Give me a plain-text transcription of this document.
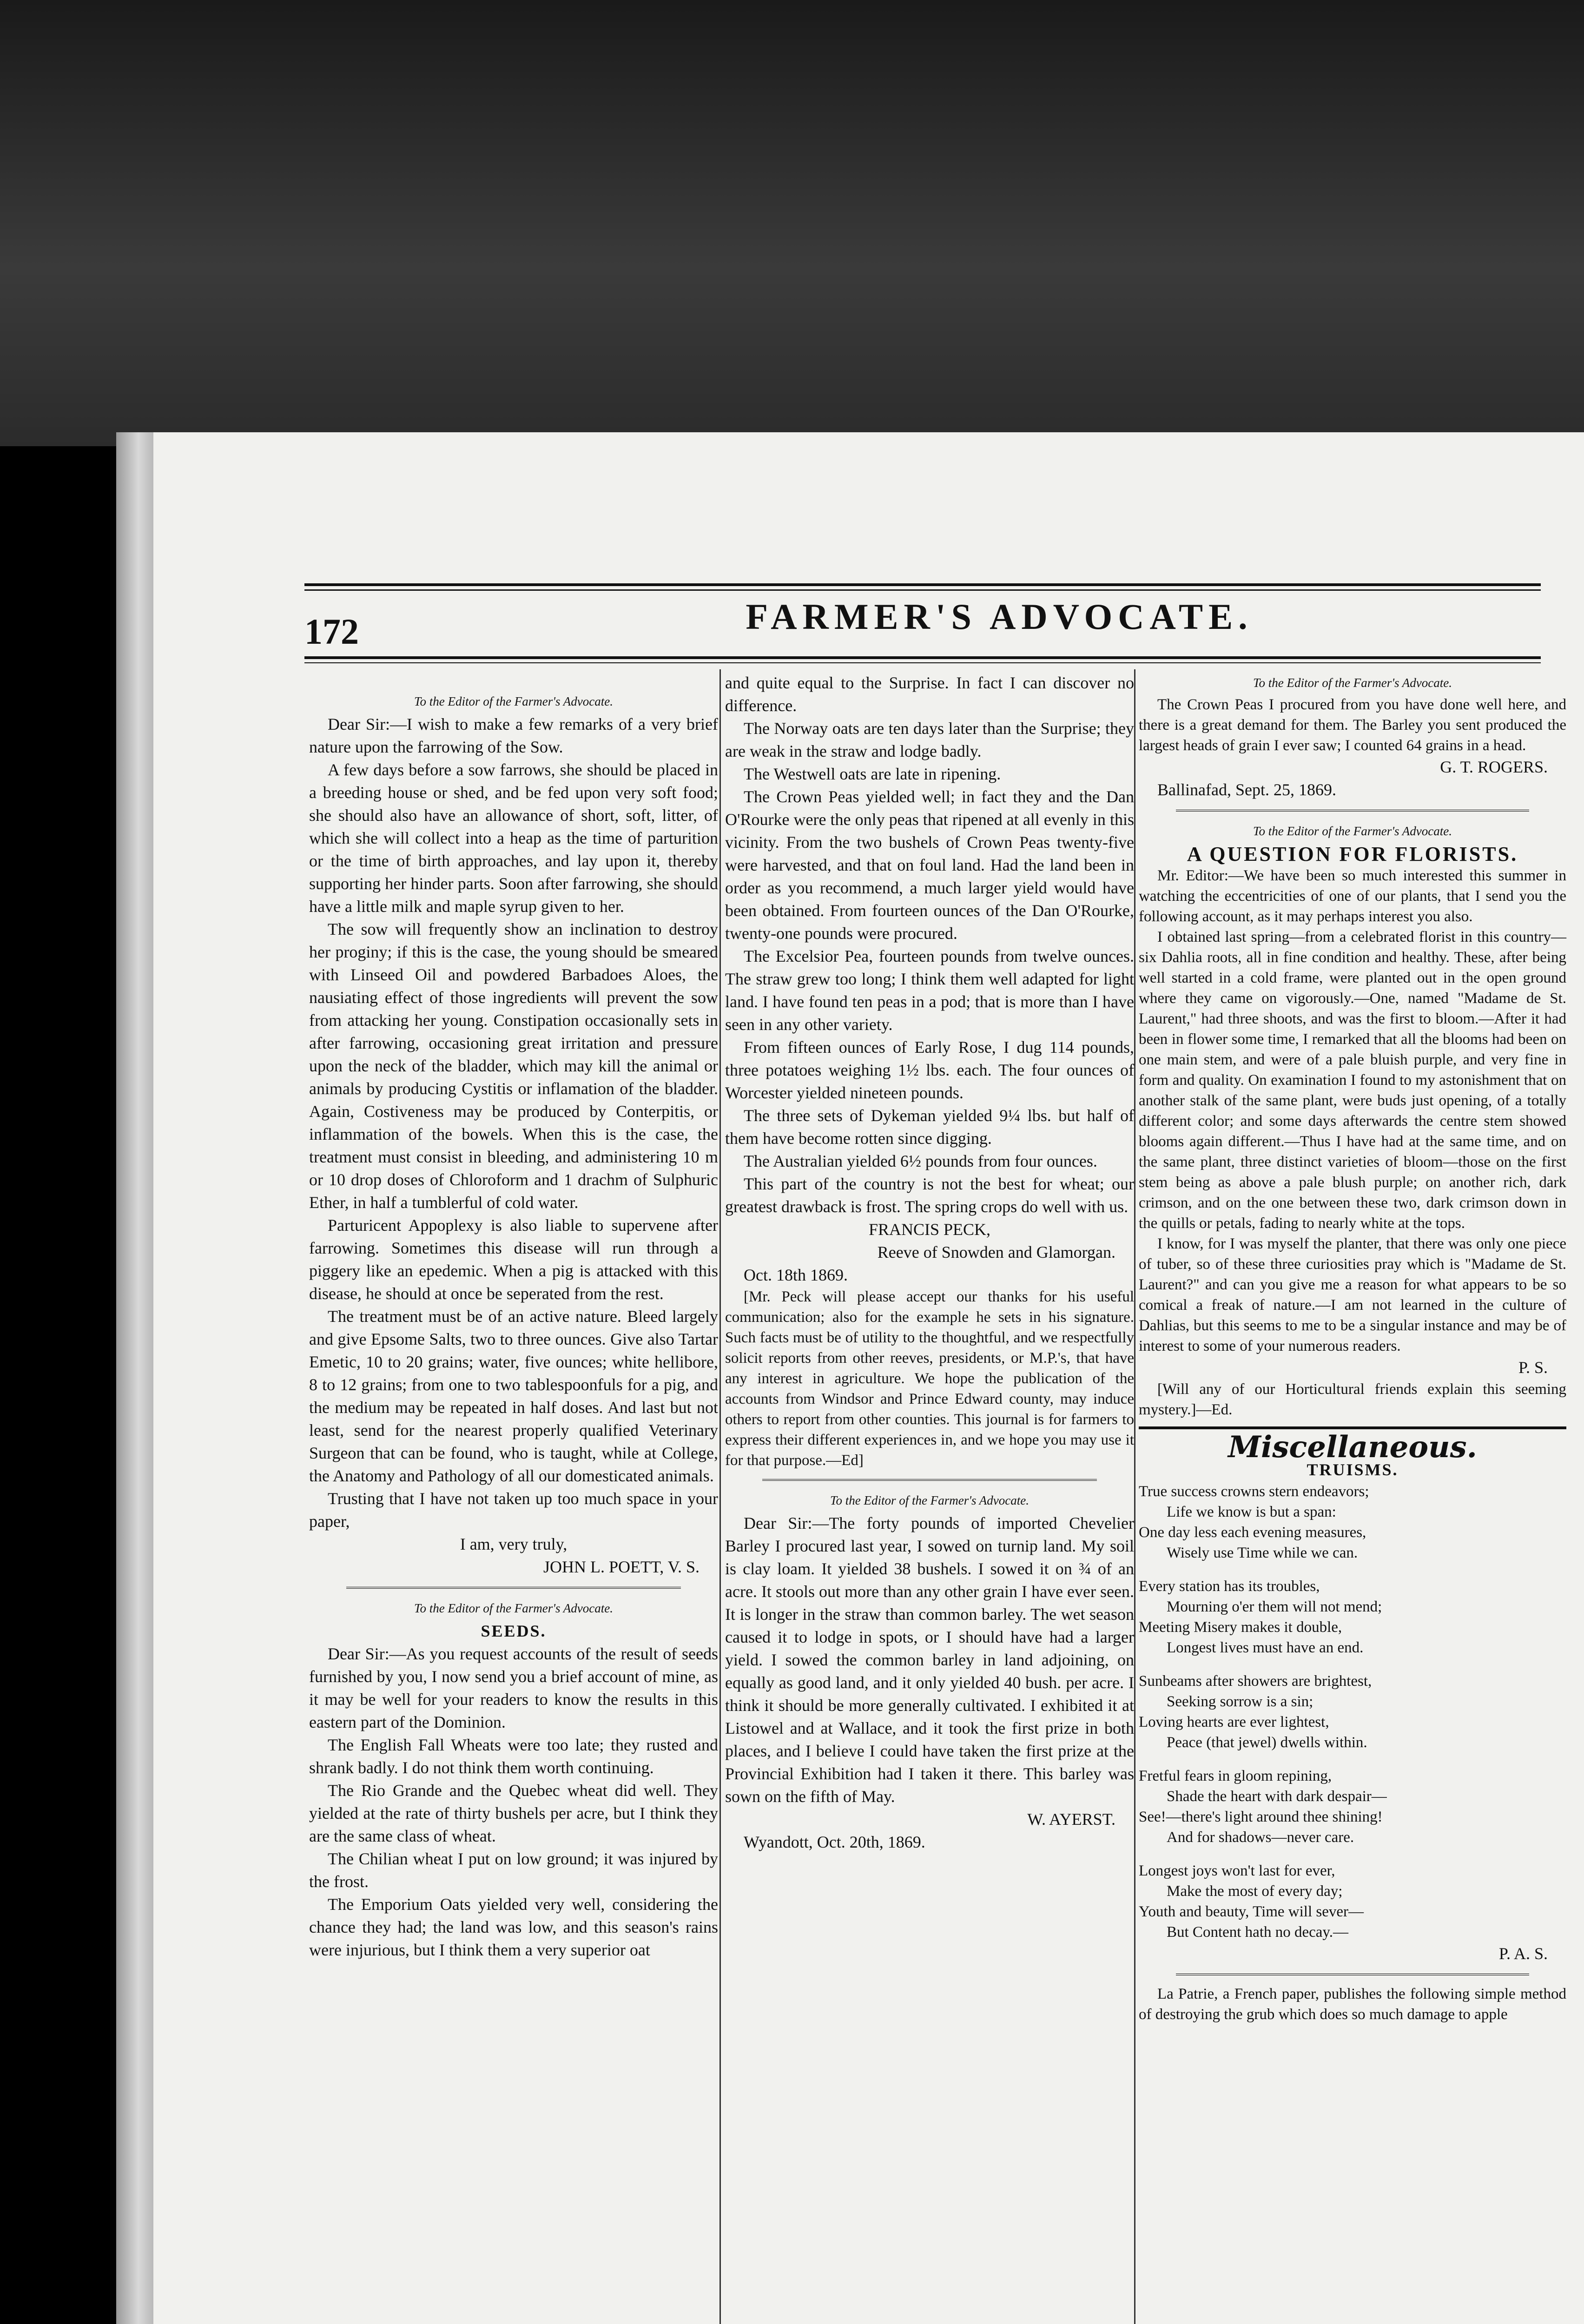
172	FARMER'S ADVOCATE.

To the Editor of the Farmer's Advocate.

Dear Sir:—I wish to make a few remarks of a very brief nature upon the farrowing of the Sow.

A few days before a sow farrows, she should be placed in a breeding house or shed, and be fed upon very soft food; she should also have an allowance of short, soft, litter, of which she will collect into a heap as the time of parturition or the time of birth approaches, and lay upon it, thereby supporting her hinder parts. Soon after farrowing, she should have a little milk and maple syrup given to her.

The sow will frequently show an inclination to destroy her proginy; if this is the case, the young should be smeared with Linseed Oil and powdered Barbadoes Aloes, the nausiating effect of those ingredients will prevent the sow from attacking her young. Constipation occasionally sets in after farrowing, occasioning great irritation and pressure upon the neck of the bladder, which may kill the animal or animals by producing Cystitis or inflamation of the bladder. Again, Costiveness may be produced by Conterpitis, or inflammation of the bowels. When this is the case, the treatment must consist in bleeding, and administering 10 m or 10 drop doses of Chloroform and 1 drachm of Sulphuric Ether, in half a tumblerful of cold water.

Parturicent Appoplexy is also liable to supervene after farrowing. Sometimes this disease will run through a piggery like an epedemic. When a pig is attacked with this disease, he should at once be seperated from the rest.

The treatment must be of an active nature. Bleed largely and give Epsome Salts, two to three ounces. Give also Tartar Emetic, 10 to 20 grains; water, five ounces; white hellibore, 8 to 12 grains; from one to two tablespoonfuls for a pig, and the medium may be repeated in half doses. And last but not least, send for the nearest properly qualified Veterinary Surgeon that can be found, who is taught, while at College, the Anatomy and Pathology of all our domesticated animals.

Trusting that I have not taken up too much space in your paper,

I am, very truly,

JOHN L. POETT, V. S.

To the Editor of the Farmer's Advocate.

SEEDS.

Dear Sir:—As you request accounts of the result of seeds furnished by you, I now send you a brief account of mine, as it may be well for your readers to know the results in this eastern part of the Dominion.

The English Fall Wheats were too late; they rusted and shrank badly. I do not think them worth continuing.

The Rio Grande and the Quebec wheat did well. They yielded at the rate of thirty bushels per acre, but I think they are the same class of wheat.

The Chilian wheat I put on low ground; it was injured by the frost.

The Emporium Oats yielded very well, considering the chance they had; the land was low, and this season's rains were injurious, but I think them a very superior oat

and quite equal to the Surprise. In fact I can discover no difference.

The Norway oats are ten days later than the Surprise; they are weak in the straw and lodge badly.

The Westwell oats are late in ripening.

The Crown Peas yielded well; in fact they and the Dan O'Rourke were the only peas that ripened at all evenly in this vicinity. From the two bushels of Crown Peas twenty-five were harvested, and that on foul land. Had the land been in order as you recommend, a much larger yield would have been obtained. From fourteen ounces of the Dan O'Rourke, twenty-one pounds were procured.

The Excelsior Pea, fourteen pounds from twelve ounces. The straw grew too long; I think them well adapted for light land. I have found ten peas in a pod; that is more than I have seen in any other variety.

From fifteen ounces of Early Rose, I dug 114 pounds, three potatoes weighing 1½ lbs. each. The four ounces of Worcester yielded nineteen pounds.

The three sets of Dykeman yielded 9¼ lbs. but half of them have become rotten since digging.

The Australian yielded 6½ pounds from four ounces.

This part of the country is not the best for wheat; our greatest drawback is frost. The spring crops do well with us.

FRANCIS PECK,

Reeve of Snowden and Glamorgan.

Oct. 18th 1869.

[Mr. Peck will please accept our thanks for his useful communication; also for the example he sets in his signature. Such facts must be of utility to the thoughtful, and we respectfully solicit reports from other reeves, presidents, or M.P.'s, that have any interest in agriculture. We hope the publication of the accounts from Windsor and Prince Edward county, may induce others to report from other counties. This journal is for farmers to express their different experiences in, and we hope you may use it for that purpose.—Ed]

To the Editor of the Farmer's Advocate.

Dear Sir:—The forty pounds of imported Chevelier Barley I procured last year, I sowed on turnip land. My soil is clay loam. It yielded 38 bushels. I sowed it on ¾ of an acre. It stools out more than any other grain I have ever seen. It is longer in the straw than common barley. The wet season caused it to lodge in spots, or I should have had a larger yield. I sowed the common barley in land adjoining, on equally as good land, and it only yielded 40 bush. per acre. I think it should be more generally cultivated. I exhibited it at Listowel and at Wallace, and it took the first prize in both places, and I believe I could have taken the first prize at the Provincial Exhibition had I taken it there. This barley was sown on the fifth of May.

W. AYERST.

Wyandott, Oct. 20th, 1869.

To the Editor of the Farmer's Advocate.

The Crown Peas I procured from you have done well here, and there is a great demand for them. The Barley you sent produced the largest heads of grain I ever saw; I counted 64 grains in a head.

G. T. ROGERS.

Ballinafad, Sept. 25, 1869.

To the Editor of the Farmer's Advocate.

A QUESTION FOR FLORISTS.

Mr. Editor:—We have been so much interested this summer in watching the eccentricities of one of our plants, that I send you the following account, as it may perhaps interest you also.

I obtained last spring—from a celebrated florist in this country—six Dahlia roots, all in fine condition and healthy. These, after being well started in a cold frame, were planted out in the open ground where they came on vigorously.—One, named "Madame de St. Laurent," had three shoots, and was the first to bloom.—After it had been in flower some time, I remarked that all the blooms had been on one main stem, and were of a pale bluish purple, and very fine in form and quality. On examination I found to my astonishment that on another stalk of the same plant, were buds just opening, of a totally different color; and some days afterwards the centre stem showed blooms again different.—Thus I have had at the same time, and on the same plant, three distinct varieties of bloom—those on the first stem being as above a pale blush purple; on another rich, dark crimson, and on the one between these two, dark crimson down in the quills or petals, fading to nearly white at the tops.

I know, for I was myself the planter, that there was only one piece of tuber, so of these three curiosities pray which is "Madame de St. Laurent?" and can you give me a reason for what appears to be so comical a freak of nature.—I am not learned in the culture of Dahlias, but this seems to me to be a singular instance and may be of interest to some of your numerous readers.

P. S.

[Will any of our Horticultural friends explain this seeming mystery.]—Ed.

Miscellaneous.

TRUISMS.

True success crowns stern endeavors;

Life we know is but a span:

One day less each evening measures,

Wisely use Time while we can.

Every station has its troubles,

Mourning o'er them will not mend;

Meeting Misery makes it double,

Longest lives must have an end.

Sunbeams after showers are brightest,

Seeking sorrow is a sin;

Loving hearts are ever lightest,

Peace (that jewel) dwells within.

Fretful fears in gloom repining,

Shade the heart with dark despair—

See!—there's light around thee shining!

And for shadows—never care.

Longest joys won't last for ever,

Make the most of every day;

Youth and beauty, Time will sever—

But Content hath no decay.—

P. A. S.

La Patrie, a French paper, publishes the following simple method of destroying the grub which does so much damage to apple
